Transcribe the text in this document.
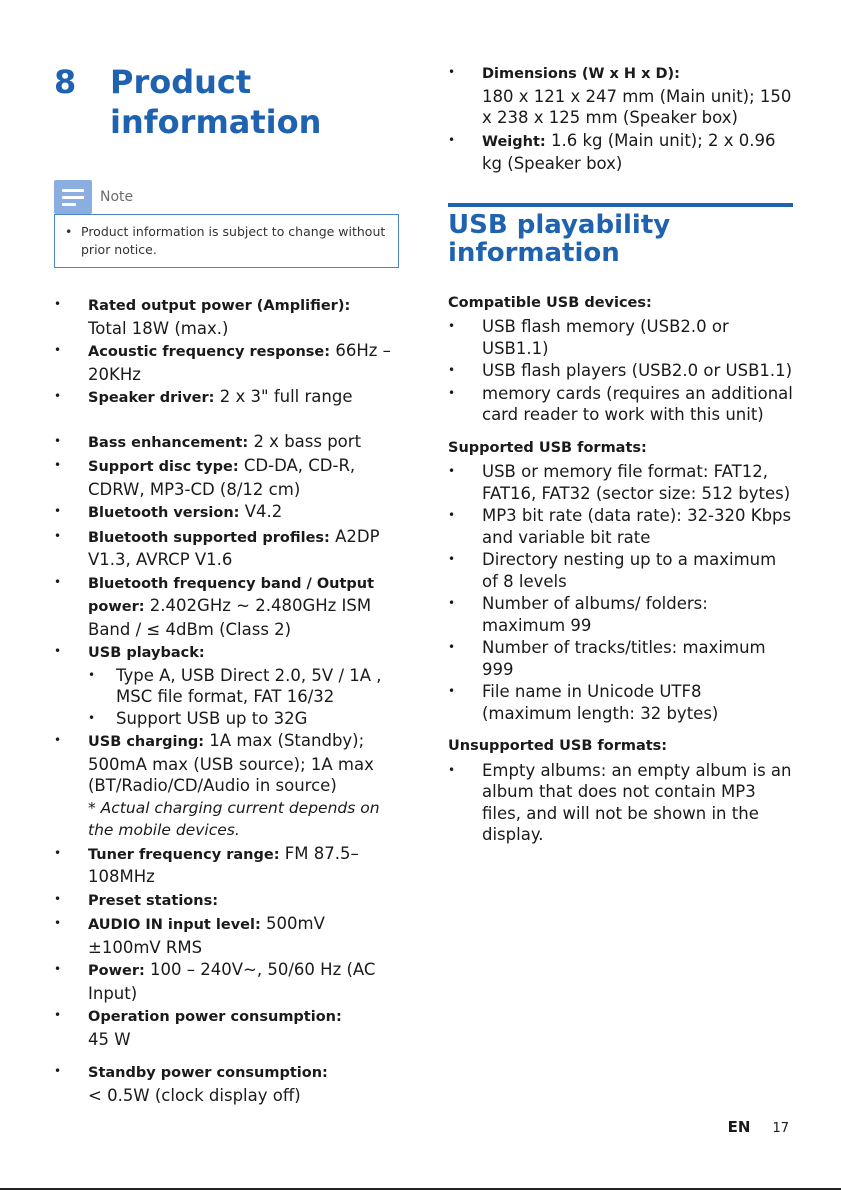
8 Product information
Note
• Product information is subject to change without prior notice.
•	Rated output power (Amplifier):
Total 18W (max.)
•	Acoustic frequency response: 66Hz – 20KHz
•	Speaker driver: 2 x 3" full range
•	Bass enhancement: 2 x bass port
•	Support disc type: CD-DA, CD-R, CDRW, MP3-CD (8/12 cm)
•	Bluetooth version: V4.2
•	Bluetooth supported profiles: A2DP V1.3, AVRCP V1.6
•	Bluetooth frequency band / Output power: 2.402GHz ~ 2.480GHz ISM Band / ≤ 4dBm (Class 2)
•	USB playback:
•	Type A, USB Direct 2.0, 5V / 1A , MSC file format, FAT 16/32
•	Support USB up to 32G
•	USB charging: 1A max (Standby); 500mA max (USB source); 1A max (BT/Radio/CD/Audio in source)
* Actual charging current depends on the mobile devices.
•	Tuner frequency range: FM 87.5–108MHz
•	Preset stations:
•	AUDIO IN input level: 500mV ±100mV RMS
•	Power: 100 – 240V~, 50/60 Hz (AC Input)
•	Operation power consumption:
45 W
•	Standby power consumption:
< 0.5W (clock display off)
•	Dimensions (W x H x D):
180 x 121 x 247 mm (Main unit); 150 x 238 x 125 mm (Speaker box)
•	Weight: 1.6 kg (Main unit); 2 x 0.96 kg (Speaker box)
USB playability information
Compatible USB devices:
•	USB flash memory (USB2.0 or USB1.1)
•	USB flash players (USB2.0 or USB1.1)
•	memory cards (requires an additional card reader to work with this unit)
Supported USB formats:
•	USB or memory file format: FAT12, FAT16, FAT32 (sector size: 512 bytes)
•	MP3 bit rate (data rate): 32-320 Kbps and variable bit rate
•	Directory nesting up to a maximum of 8 levels
•	Number of albums/ folders: maximum 99
•	Number of tracks/titles: maximum 999
•	File name in Unicode UTF8 (maximum length: 32 bytes)
Unsupported USB formats:
•	Empty albums: an empty album is an album that does not contain MP3 files, and will not be shown in the display.
EN 17
